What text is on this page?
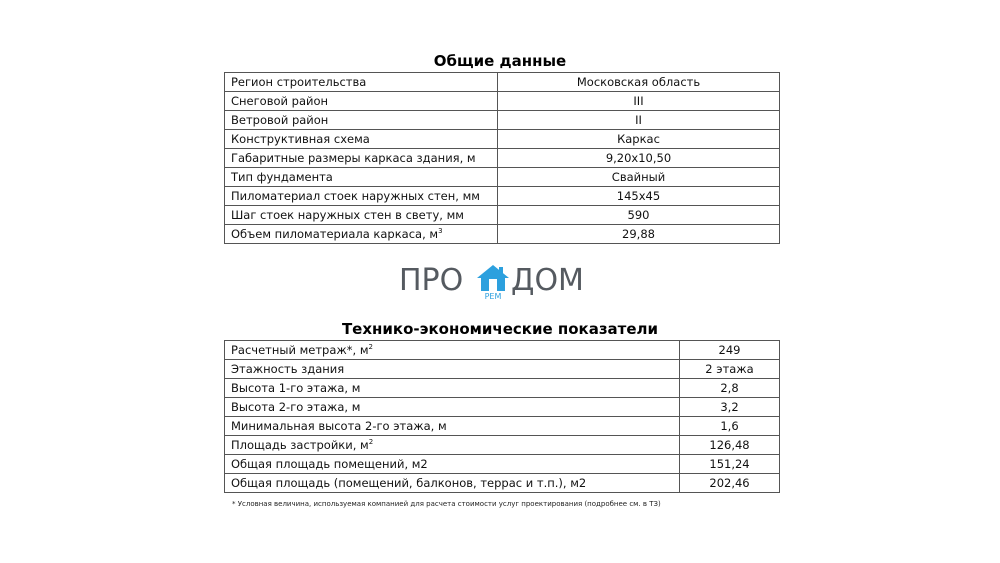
Общие данные
Регион строительства	Московская область
Снеговой район	III
Ветровой район	II
Конструктивная схема	Каркас
Габаритные размеры каркаса здания, м	9,20х10,50
Тип фундамента	Свайный
Пиломатериал стоек наружных стен, мм	145х45
Шаг стоек наружных стен в свету, мм	590
Объем пиломатериала каркаса, $м^3$	29,88
ПРО	РЕМ ДОМ
Технико-экономические показатели
Расчетный метраж*, $м^2$	249
Этажность здания	2 этажа
Высота 1-го этажа, м	2,8
Высота 2-го этажа, м	3,2
Минимальная высота 2-го этажа, м	1,6
Площадь застройки, $м^2$	126,48
Общая площадь помещений, м2	151,24
Общая площадь (помещений, балконов, террас и т.п.), м2	202,46
* Условная величина, используемая компанией для расчета стоимости услуг проектирования (подробнее см. в ТЗ)
